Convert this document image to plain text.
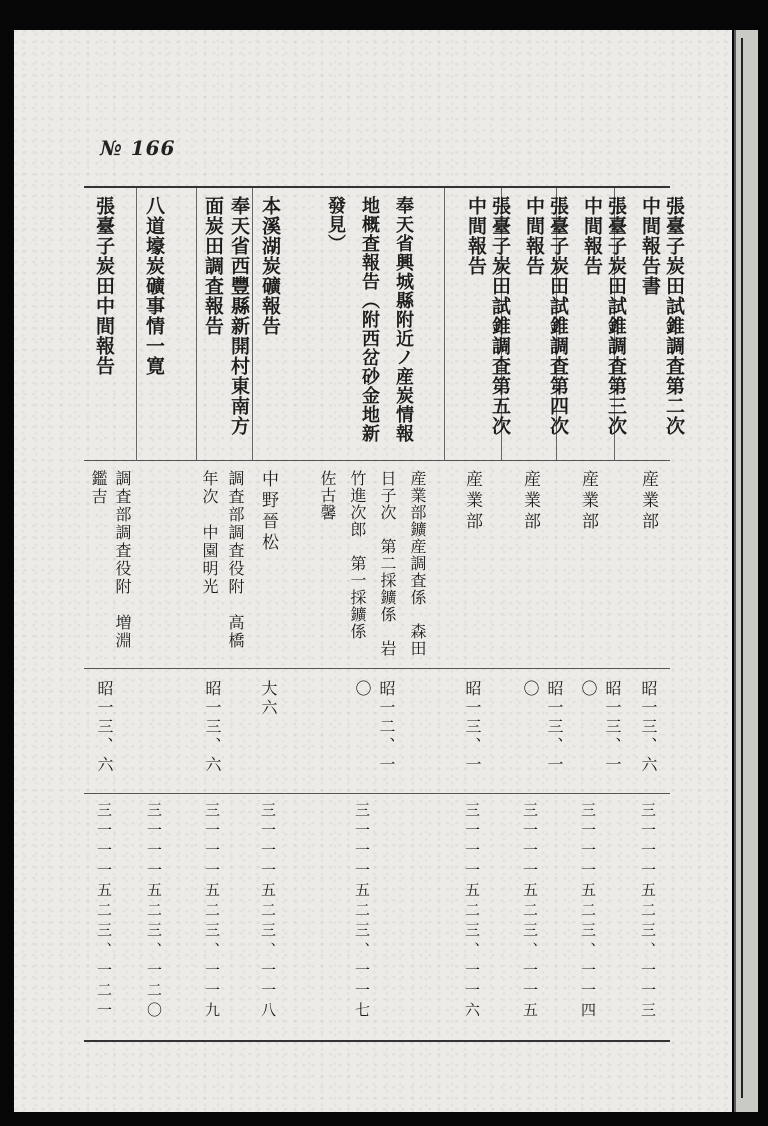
№ 166
張臺子炭田試錐調査第二次中間報告書
産業部
昭一三、六
三一一一五二三、一一三
張臺子炭田試錐調査第三次中間報告
産業部
昭一三、一〇
三一一一五二三、一一四
張臺子炭田試錐調査第四次中間報告
産業部
昭一三、一〇
三一一一五二三、一一五
張臺子炭田試錐調査第五次中間報告
産業部
昭一三、一
三一一一五二三、一一六
奉天省興城縣附近ノ産炭情報地概査報告（附西岔砂金地新發見）
産業部鑛産調査係　森田日子次　第二採鑛係　岩竹進次郎　第一採鑛係　佐古馨
昭一二、一〇
三一一一五二三、一一七
本溪湖炭礦報告
中野晉松
大六
三一一一五二三、一一八
奉天省西豐縣新開村東南方面炭田調査報告
調査部調査役附　高橋年次　中園明光
昭一三、六
三一一一五二三、一一九
八道壕炭礦事情一寛
三一一一五二三、一二〇
張臺子炭田中間報告
調査部調査役附　増淵鑑吉
昭一三、六
三一一一五二三、一二一
